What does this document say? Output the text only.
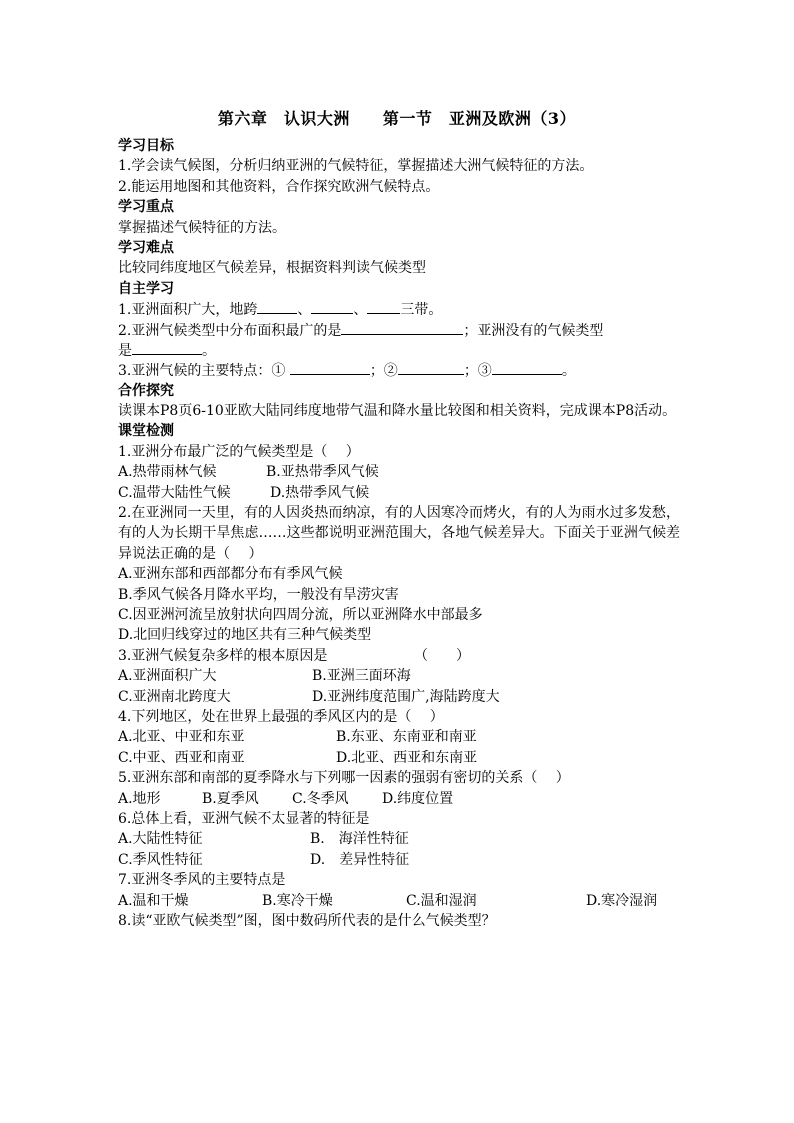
第六章　认识大洲　　第一节　亚洲及欧洲（3）
学习目标
1.学会读气候图，分析归纳亚洲的气候特征，掌握描述大洲气候特征的方法。
2.能运用地图和其他资料，合作探究欧洲气候特点。
学习重点
掌握描述气候特征的方法。
学习难点
比较同纬度地区气候差异，根据资料判读气候类型
自主学习
1.亚洲面积广大，地跨	、	、 三带。
2.亚洲气候类型中分布面积最广的是	；亚洲没有的气候类型
是	。
3.亚洲气候的主要特点：①	；②	；③	。
合作探究
读课本P8页6-10亚欧大陆同纬度地带气温和降水量比较图和相关资料，完成课本P8活动。
课堂检测
1.亚洲分布最广泛的气候类型是（　 ）
A.热带雨林气候	B.亚热带季风气候
C.温带大陆性气候	D.热带季风气候
2.在亚洲同一天里，有的人因炎热而纳凉，有的人因寒冷而烤火，有的人为雨水过多发愁，有的人为长期干旱焦虑……这些都说明亚洲范围大，各地气候差异大。下面关于亚洲气候差异说法正确的是（　 ）
A.亚洲东部和西部都分布有季风气候
B.季风气候各月降水平均，一般没有旱涝灾害
C.因亚洲河流呈放射状向四周分流，所以亚洲降水中部最多
D.北回归线穿过的地区共有三种气候类型
3.亚洲气候复杂多样的根本原因是	（　　）
A.亚洲面积广大	B.亚洲三面环海
C.亚洲南北跨度大	D.亚洲纬度范围广,海陆跨度大
4.下列地区，处在世界上最强的季风区内的是（　 ）
A.北亚、中亚和东亚	B.东亚、东南亚和南亚
C.中亚、西亚和南亚	D.北亚、西亚和东南亚
5.亚洲东部和南部的夏季降水与下列哪一因素的强弱有密切的关系（　 ）
A.地形	B.夏季风 C.冬季风 D.纬度位置
6.总体上看，亚洲气候不太显著的特征是
A.大陆性特征	B.　海洋性特征
C.季风性特征	D.　差异性特征
7.亚洲冬季风的主要特点是
A.温和干燥	B.寒冷干燥	C.温和湿润	D.寒冷湿润
8.读“亚欧气候类型”图，图中数码所代表的是什么气候类型？
